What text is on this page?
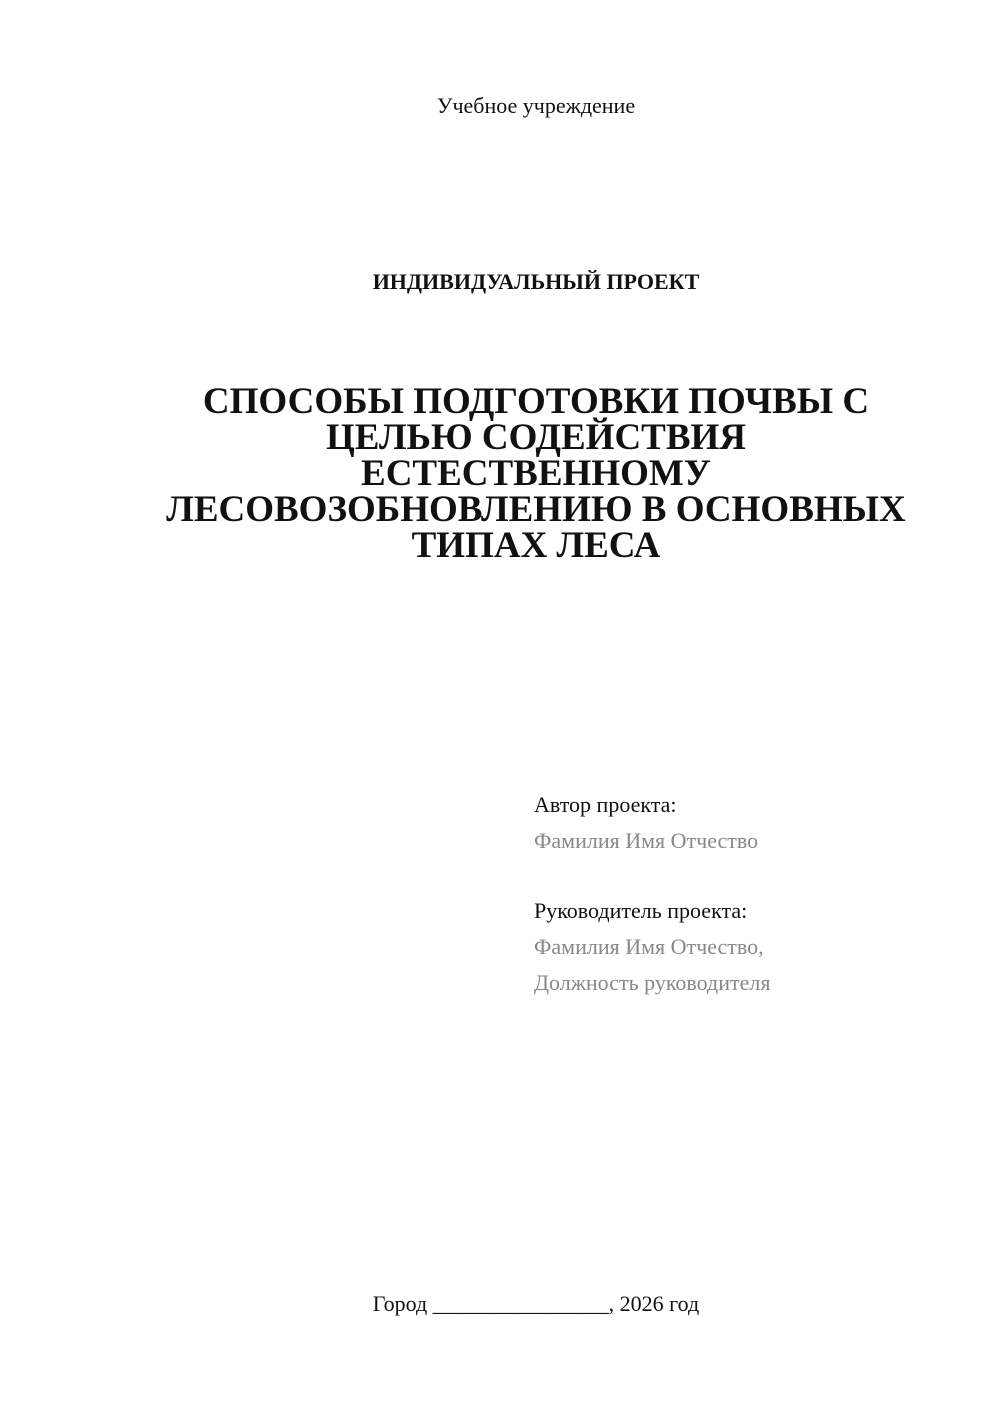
Учебное учреждение
ИНДИВИДУАЛЬНЫЙ ПРОЕКТ
СПОСОБЫ ПОДГОТОВКИ ПОЧВЫ С
ЦЕЛЬЮ СОДЕЙСТВИЯ
ЕСТЕСТВЕННОМУ
ЛЕСОВОЗОБНОВЛЕНИЮ В ОСНОВНЫХ
ТИПАХ ЛЕСА
Автор проекта:
Фамилия Имя Отчество
Руководитель проекта:
Фамилия Имя Отчество,
Должность руководителя
Город ________________, 2026 год
